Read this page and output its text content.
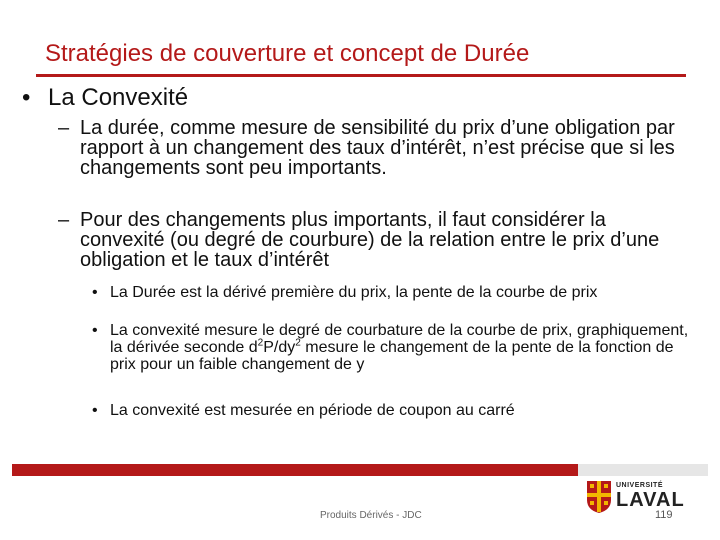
Stratégies de couverture et concept de Durée
• La Convexité
– La durée, comme mesure de sensibilité du prix d’une obligation par rapport à un changement des taux d’intérêt, n’est précise que si les changements sont peu importants.
– Pour des changements plus importants, il faut considérer la convexité (ou degré de courbure) de la relation entre le prix d’une obligation et le taux d’intérêt
• La Durée est la dérivé première du prix, la pente de la courbe de prix
• La convexité mesure le degré de courbature de la courbe de prix, graphiquement, la dérivée seconde $d^2P/dy^2$ mesure le changement de la pente de la fonction de prix pour un faible changement de y
• La convexité est mesurée en période de coupon au carré
Produits Dérivés - JDC
UNIVERSITÉ
LAVAL
119
